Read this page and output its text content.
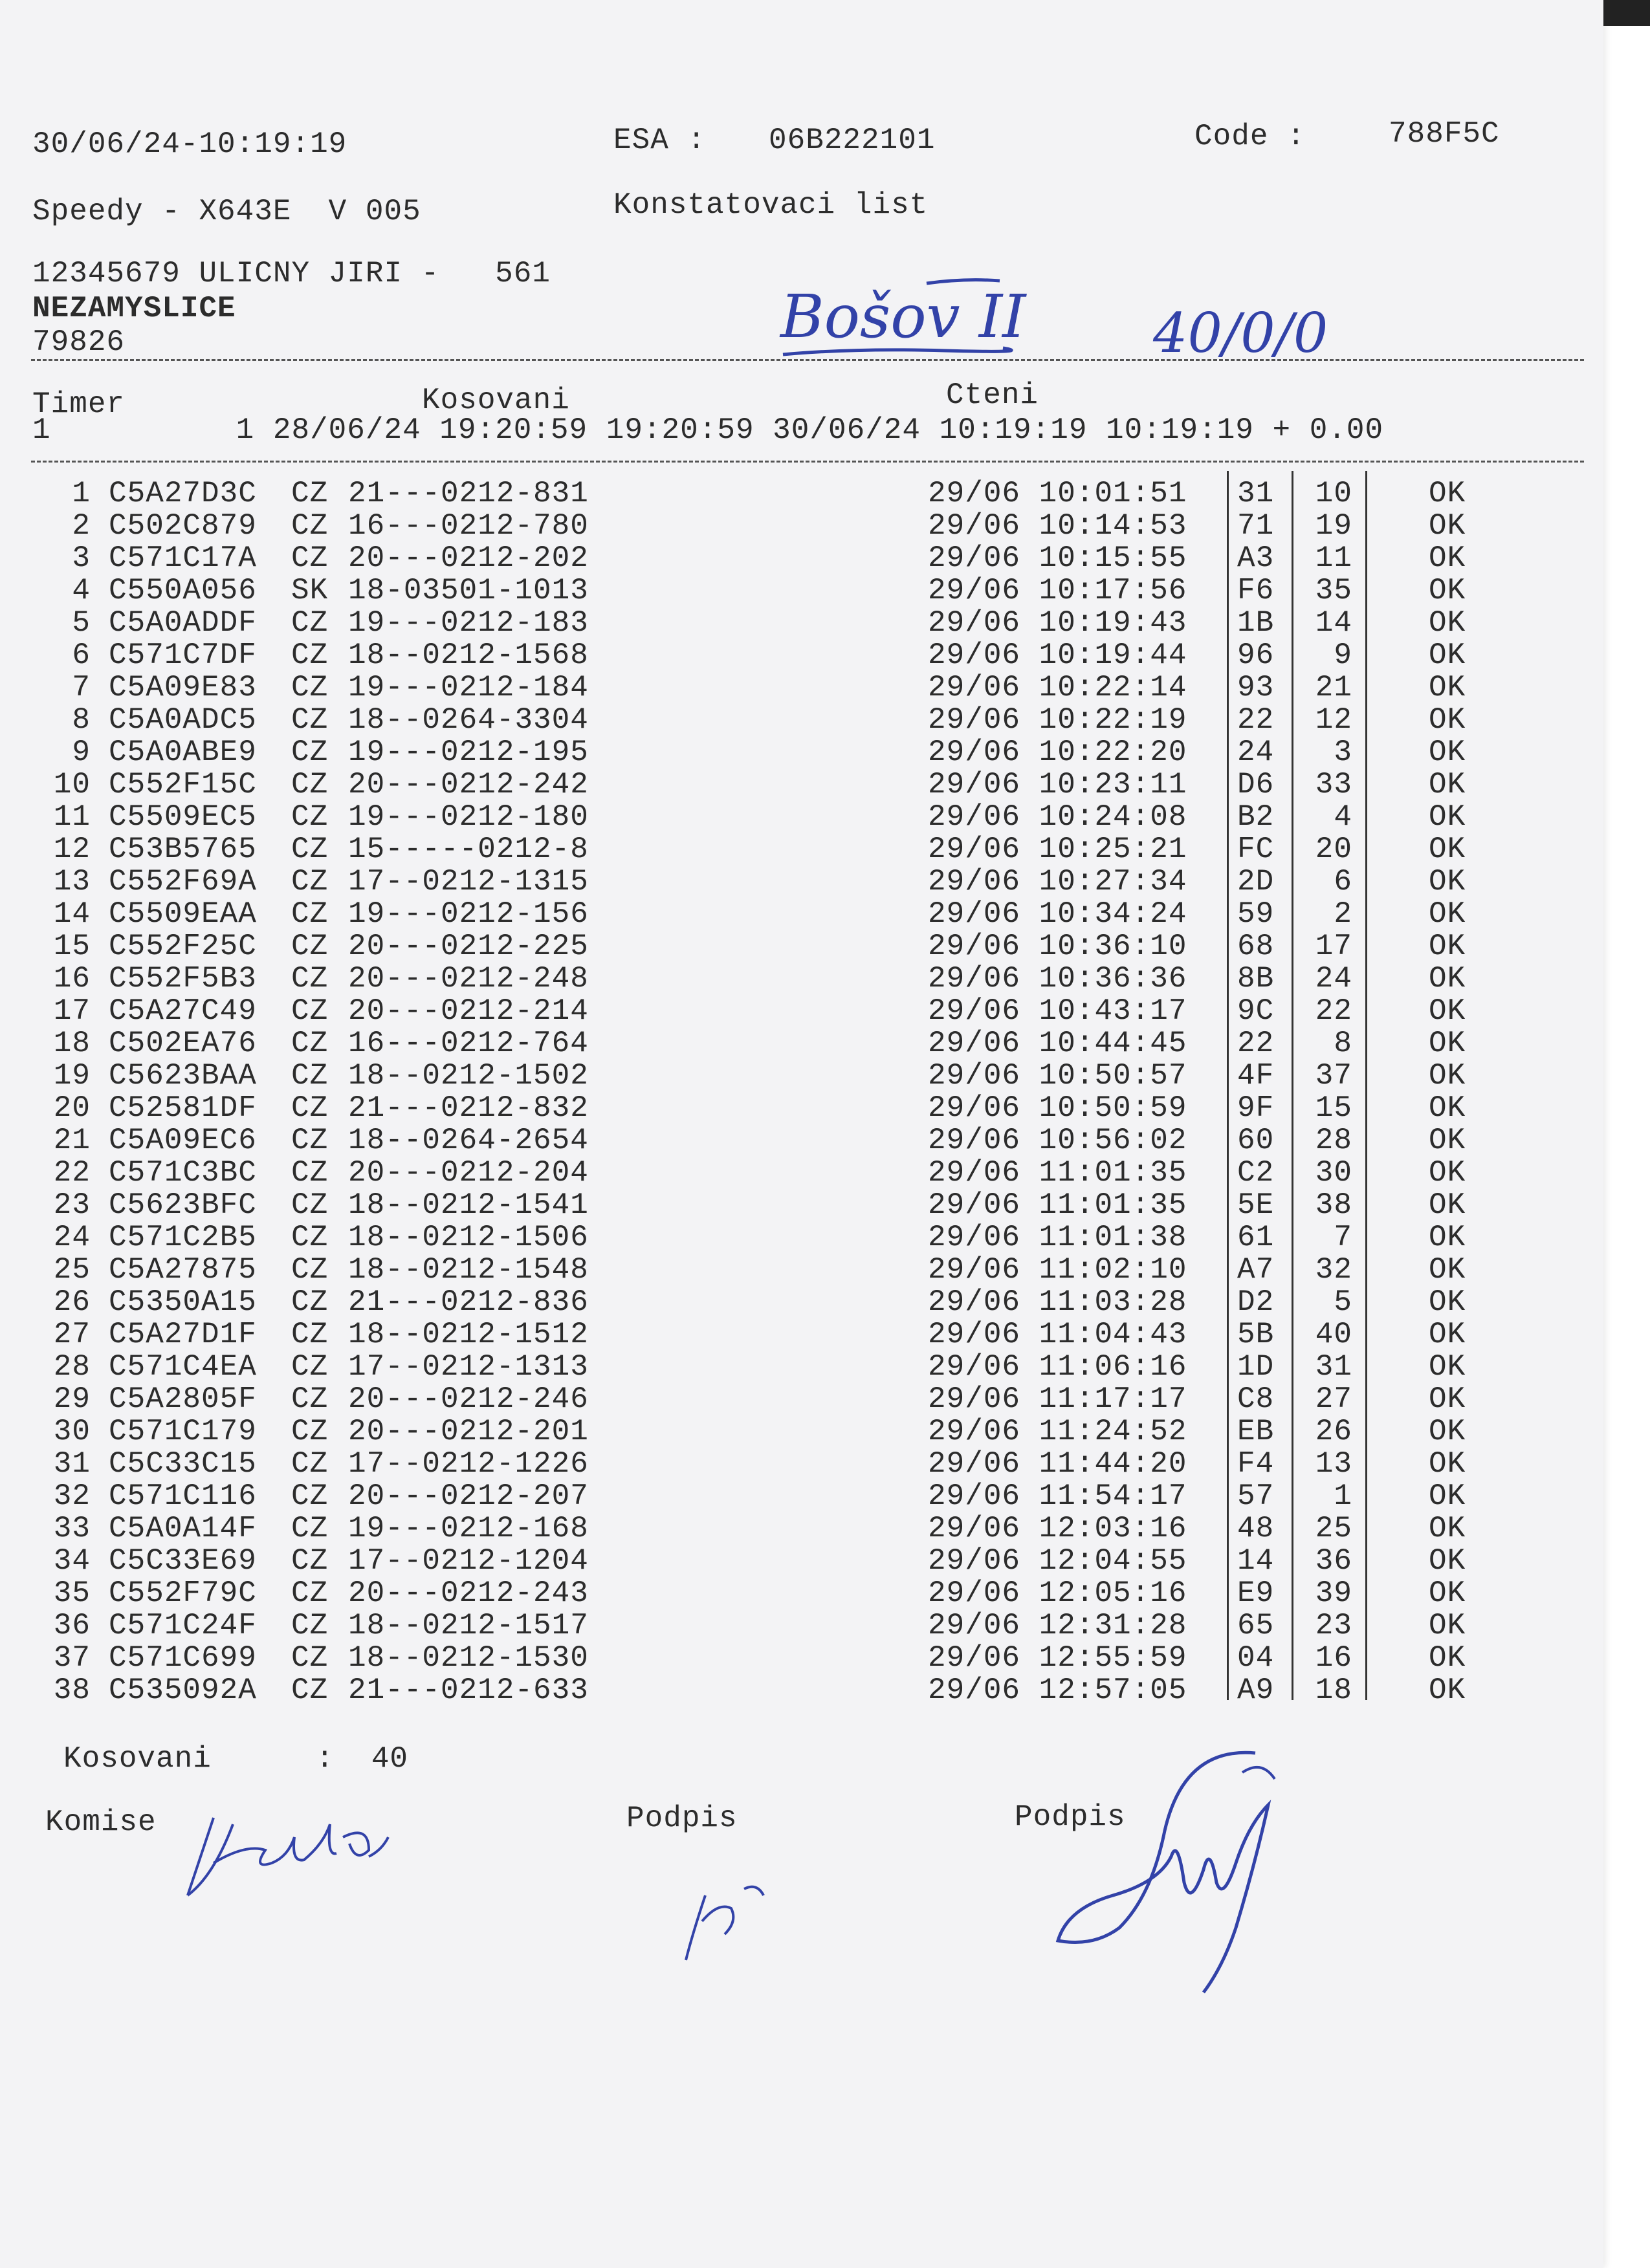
30/06/24-10:19:19	ESA : 06B222101	Code :	788F5C
Speedy - X643E  V 005	Konstatovaci list
12345679 ULICNY JIRI -   561
NEZAMYSLICE
79826	Bošov II 40/0/0
Timer	Kosovani	Cteni
1          1 28/06/24 19:20:59 19:20:59 30/06/24 10:19:19 10:19:19 + 0.00
1 C5A27D3C CZ 21---0212-831	29/06 10:01:51 31	10	OK
2 C502C879 CZ 16---0212-780	29/06 10:14:53 71	19	OK
3 C571C17A CZ 20---0212-202	29/06 10:15:55 A3	11	OK
4 C550A056 SK 18-03501-1013	29/06 10:17:56 F6	35	OK
5 C5A0ADDF CZ 19---0212-183	29/06 10:19:43 1B	14	OK
6 C571C7DF CZ 18--0212-1568	29/06 10:19:44 96	9	OK
7 C5A09E83 CZ 19---0212-184	29/06 10:22:14 93	21	OK
8 C5A0ADC5 CZ 18--0264-3304	29/06 10:22:19 22	12	OK
9 C5A0ABE9 CZ 19---0212-195	29/06 10:22:20 24	3	OK
10 C552F15C CZ 20---0212-242	29/06 10:23:11 D6	33	OK
11 C5509EC5 CZ 19---0212-180	29/06 10:24:08 B2	4	OK
12 C53B5765 CZ 15-----0212-8	29/06 10:25:21 FC	20	OK
13 C552F69A CZ 17--0212-1315	29/06 10:27:34 2D	6	OK
14 C5509EAA CZ 19---0212-156	29/06 10:34:24 59	2	OK
15 C552F25C CZ 20---0212-225	29/06 10:36:10 68	17	OK
16 C552F5B3 CZ 20---0212-248	29/06 10:36:36 8B	24	OK
17 C5A27C49 CZ 20---0212-214	29/06 10:43:17 9C	22	OK
18 C502EA76 CZ 16---0212-764	29/06 10:44:45 22	8	OK
19 C5623BAA CZ 18--0212-1502	29/06 10:50:57 4F	37	OK
20 C52581DF CZ 21---0212-832	29/06 10:50:59 9F	15	OK
21 C5A09EC6 CZ 18--0264-2654	29/06 10:56:02 60	28	OK
22 C571C3BC CZ 20---0212-204	29/06 11:01:35 C2	30	OK
23 C5623BFC CZ 18--0212-1541	29/06 11:01:35 5E	38	OK
24 C571C2B5 CZ 18--0212-1506	29/06 11:01:38 61	7	OK
25 C5A27875 CZ 18--0212-1548	29/06 11:02:10 A7	32	OK
26 C5350A15 CZ 21---0212-836	29/06 11:03:28 D2	5	OK
27 C5A27D1F CZ 18--0212-1512	29/06 11:04:43 5B	40	OK
28 C571C4EA CZ 17--0212-1313	29/06 11:06:16 1D	31	OK
29 C5A2805F CZ 20---0212-246	29/06 11:17:17 C8	27	OK
30 C571C179 CZ 20---0212-201	29/06 11:24:52 EB	26	OK
31 C5C33C15 CZ 17--0212-1226	29/06 11:44:20 F4	13	OK
32 C571C116 CZ 20---0212-207	29/06 11:54:17 57	1	OK
33 C5A0A14F CZ 19---0212-168	29/06 12:03:16 48	25	OK
34 C5C33E69 CZ 17--0212-1204	29/06 12:04:55 14	36	OK
35 C552F79C CZ 20---0212-243	29/06 12:05:16 E9	39	OK
36 C571C24F CZ 18--0212-1517	29/06 12:31:28 65	23	OK
37 C571C699 CZ 18--0212-1530	29/06 12:55:59 04	16	OK
38 C535092A CZ 21---0212-633	29/06 12:57:05 A9	18	OK
Kosovani	:  40
Komise	Podpis	Podpis
